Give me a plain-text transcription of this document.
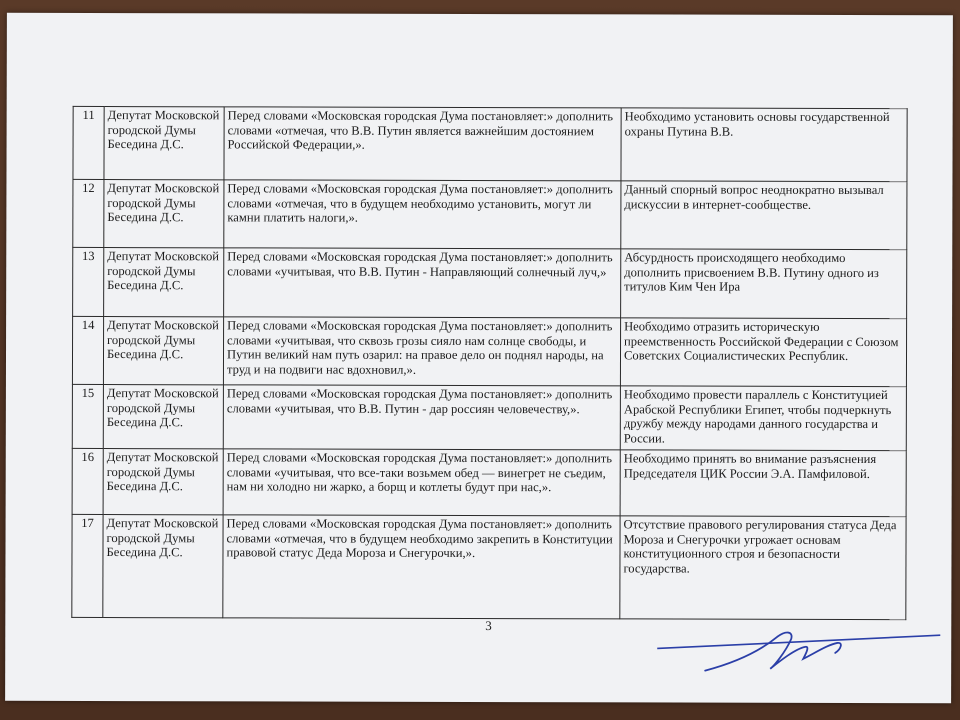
11	Депутат Московской городской Думы Бесединa Д.С.	Перед словами «Московская городская Дума постановляет:» дополнить словами «отмечая, что В.В. Путин является важнейшим достоянием Российской Федерации,».	Необходимо установить основы государственной охраны Путина В.В.
12	Депутат Московской городской Думы Бесединa Д.С.	Перед словами «Московская городская Дума постановляет:» дополнить словами «отмечая, что в будущем необходимо установить, могут ли камни платить налоги,».	Данный спорный вопрос неоднократно вызывал дискуссии в интернет-сообществе.
13	Депутат Московской городской Думы Бесединa Д.С.	Перед словами «Московская городская Дума постановляет:» дополнить словами «учитывая, что В.В. Путин - Направляющий солнечный луч,»	Абсурдность происходящего необходимо дополнить присвоением В.В. Путину одного из титулов Ким Чен Ира
14	Депутат Московской городской Думы Бесединa Д.С.	Перед словами «Московская городская Дума постановляет:» дополнить словами «учитывая, что сквозь грозы сияло нам солнце свободы, и Путин великий нам путь озарил: на правое дело он поднял народы, на труд и на подвиги нас вдохновил,».	Необходимо отразить историческую преемственность Российской Федерации с Союзом Советских Социалистических Республик.
15	Депутат Московской городской Думы Бесединa Д.С.	Перед словами «Московская городская Дума постановляет:» дополнить словами «учитывая, что В.В. Путин - дар россиян человечеству,».	Необходимо провести параллель с Конституцией Арабской Республики Египет, чтобы подчеркнуть дружбу между народами данного государства и России.
16	Депутат Московской городской Думы Бесединa Д.С.	Перед словами «Московская городская Дума постановляет:» дополнить словами «учитывая, что все-таки возьмем обед — винегрет не съедим, нам ни холодно ни жарко, а борщ и котлеты будут при нас,».	Необходимо принять во внимание разъяснения Председателя ЦИК России Э.А. Памфиловой.
17	Депутат Московской городской Думы Бесединa Д.С.	Перед словами «Московская городская Дума постановляет:» дополнить словами «отмечая, что в будущем необходимо закрепить в Конституции правовой статус Деда Мороза и Снегурочки,».	Отсутствие правового регулирования статуса Деда Мороза и Снегурочки угрожает основам конституционного строя и безопасности государства.
3
